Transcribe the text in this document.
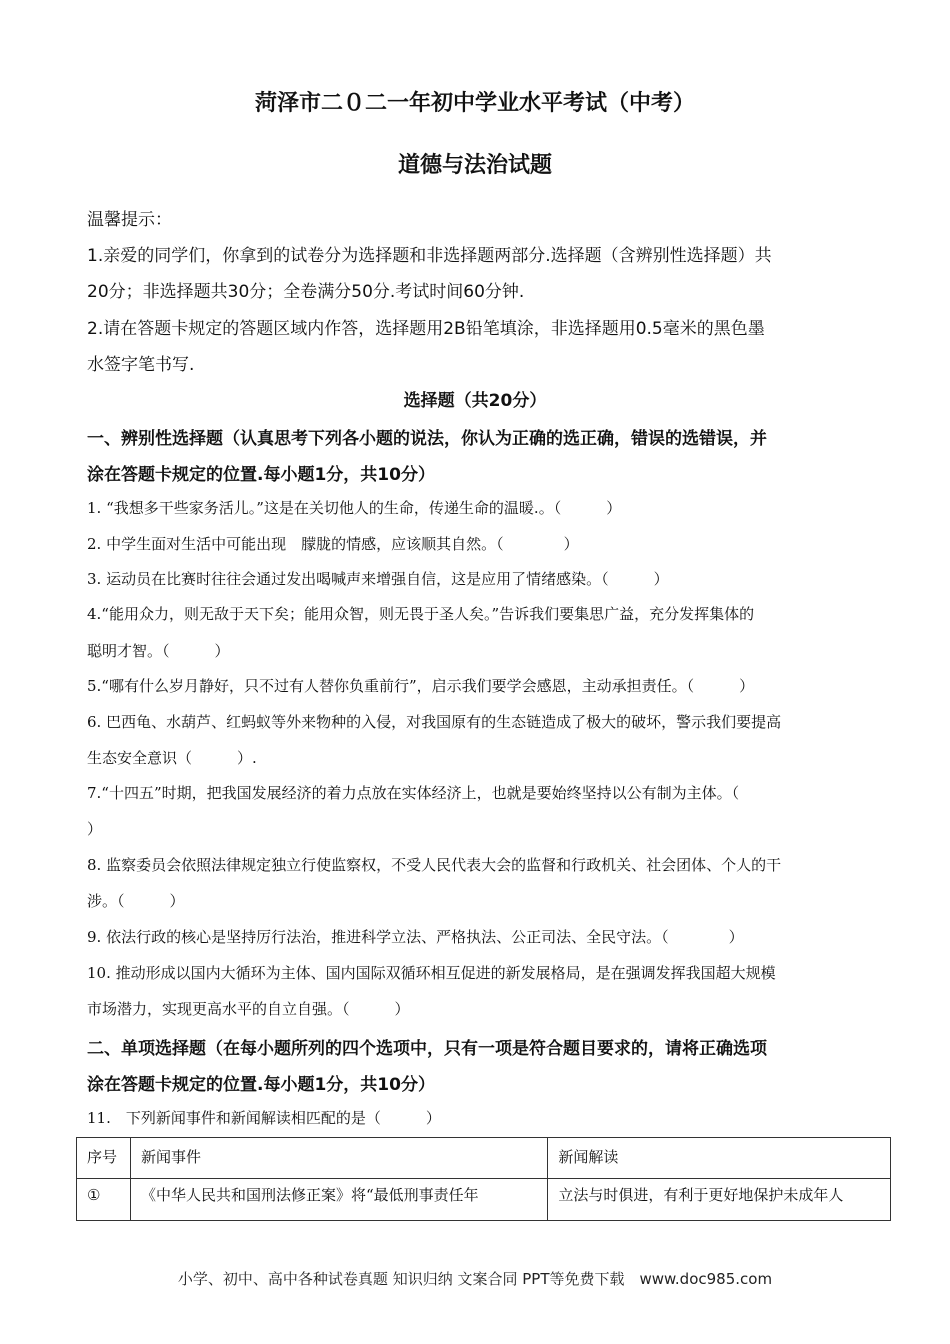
菏泽市二０二一年初中学业水平考试（中考）
道德与法治试题
温馨提示：
1.亲爱的同学们，你拿到的试卷分为选择题和非选择题两部分.选择题（含辨别性选择题）共
20分；非选择题共30分；全卷满分50分.考试时间60分钟.
2.请在答题卡规定的答题区域内作答，选择题用2B铅笔填涂，非选择题用0.5毫米的黑色墨
水签字笔书写.
选择题（共20分）
一、辨别性选择题（认真思考下列各小题的说法，你认为正确的选正确，错误的选错误，并
涂在答题卡规定的位置.每小题1分，共10分）
1. “我想多干些家务活儿。”这是在关切他人的生命，传递生命的温暖.。（　　　）
2. 中学生面对生活中可能出现　朦胧的情感，应该顺其自然。（　　　　）
3. 运动员在比赛时往往会通过发出喝喊声来增强自信，这是应用了情绪感染。（　　　）
4.“能用众力，则无敌于天下矣；能用众智，则无畏于圣人矣。”告诉我们要集思广益，充分发挥集体的
聪明才智。（　　　）
5.“哪有什么岁月静好，只不过有人替你负重前行”，启示我们要学会感恩，主动承担责任。（　　　）
6. 巴西龟、水葫芦、红蚂蚁等外来物种的入侵，对我国原有的生态链造成了极大的破坏，警示我们要提高
生态安全意识（　　　）.
7.“十四五”时期，把我国发展经济的着力点放在实体经济上，也就是要始终坚持以公有制为主体。（
）
8. 监察委员会依照法律规定独立行使监察权，不受人民代表大会的监督和行政机关、社会团体、个人的干
涉。（　　　）
9. 依法行政的核心是坚持厉行法治，推进科学立法、严格执法、公正司法、全民守法。（　　　　）
10. 推动形成以国内大循环为主体、国内国际双循环相互促进的新发展格局，是在强调发挥我国超大规模
市场潜力，实现更高水平的自立自强。（　　　）
二、单项选择题（在每小题所列的四个选项中，只有一项是符合题目要求的，请将正确选项
涂在答题卡规定的位置.每小题1分，共10分）
11.　下列新闻事件和新闻解读相匹配的是（　　　）
序号	新闻事件	新闻解读
①	《中华人民共和国刑法修正案》将“最低刑事责任年	立法与时俱进，有利于更好地保护未成年人
小学、初中、高中各种试卷真题 知识归纳 文案合同 PPT等免费下载　www.doc985.com
